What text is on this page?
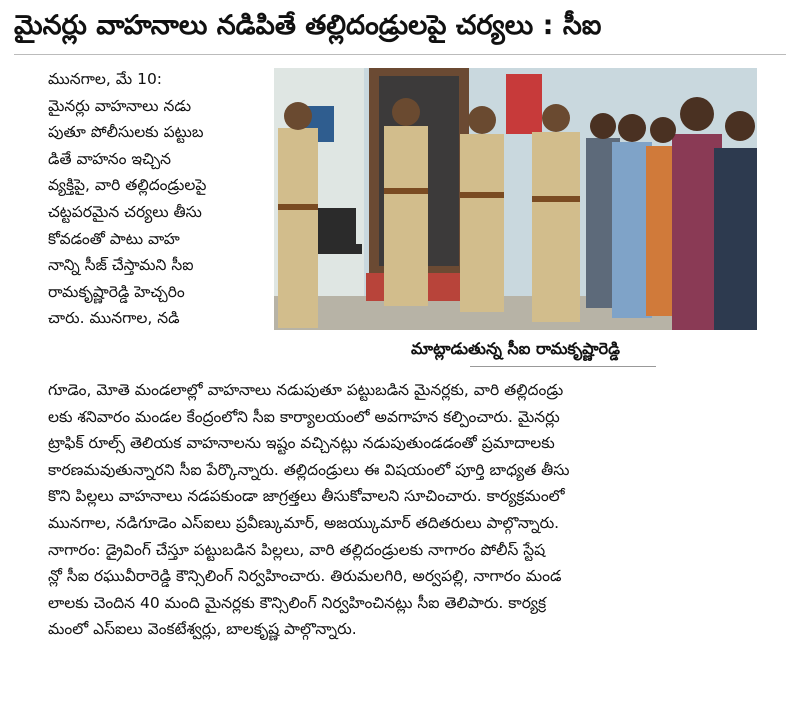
మైనర్లు వాహనాలు నడిపితే తల్లిదండ్రులపై చర్యలు : సీఐ
మునగాల, మే 10:
మైనర్లు వాహనాలు నడు
పుతూ పోలీసులకు పట్టుబ
డితే వాహనం ఇచ్చిన
వ్యక్తిపై, వారి తల్లిదండ్రులపై
చట్టపరమైన చర్యలు తీసు
కోవడంతో పాటు వాహ
నాన్ని సీజ్ చేస్తామని సీఐ
రామకృష్ణారెడ్డి హెచ్చరిం
చారు. మునగాల, నడి
మాట్లాడుతున్న సీఐ రామకృష్ణారెడ్డి
గూడెం, మోతె మండలాల్లో వాహనాలు నడుపుతూ పట్టుబడిన మైనర్లకు, వారి తల్లిదండ్రు
లకు శనివారం మండల కేంద్రంలోని సీఐ కార్యాలయంలో అవగాహన కల్పించారు. మైనర్లు
ట్రాఫిక్ రూల్స్ తెలియక వాహనాలను ఇష్టం వచ్చినట్లు నడుపుతుండడంతో ప్రమాదాలకు
కారణమవుతున్నారని సీఐ పేర్కొన్నారు. తల్లిదండ్రులు ఈ విషయంలో పూర్తి బాధ్యత తీసు
కొని పిల్లలు వాహనాలు నడపకుండా జాగ్రత్తలు తీసుకోవాలని సూచించారు. కార్యక్రమంలో
మునగాల, నడిగూడెం ఎస్ఐలు ప్రవీణ్కుమార్, అజయ్కుమార్ తదితరులు పాల్గొన్నారు.
నాగారం: డ్రైవింగ్ చేస్తూ పట్టుబడిన పిల్లలు, వారి తల్లిదండ్రులకు నాగారం పోలీస్ స్టేష
న్లో సీఐ రఘువీరారెడ్డి కౌన్సిలింగ్ నిర్వహించారు. తిరుమలగిరి, అర్వపల్లి, నాగారం మండ
లాలకు చెందిన 40 మంది మైనర్లకు కౌన్సిలింగ్ నిర్వహించినట్లు సీఐ తెలిపారు. కార్యక్ర
మంలో ఎస్ఐలు వెంకటేశ్వర్లు, బాలకృష్ణ పాల్గొన్నారు.
